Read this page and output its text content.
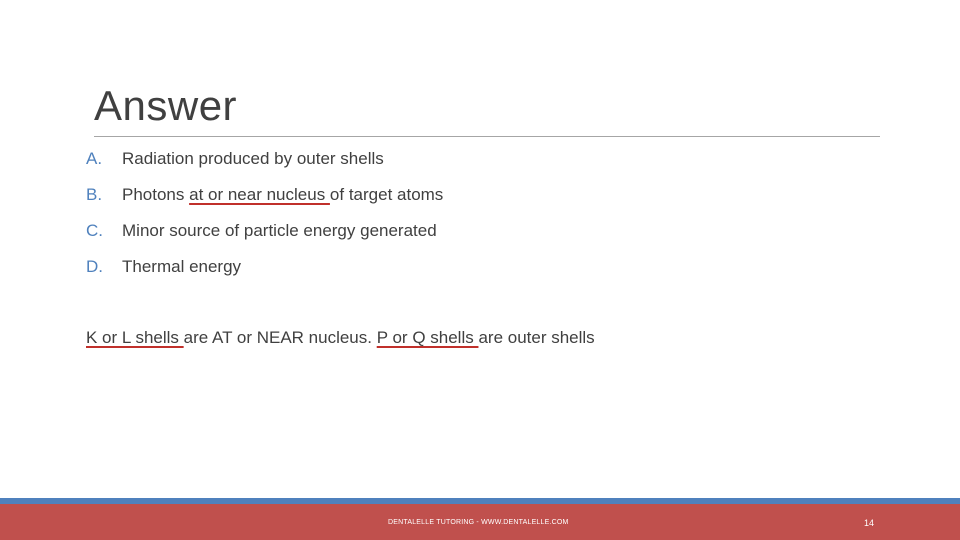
Answer
A. Radiation produced by outer shells
B. Photons at or near nucleus of target atoms
C. Minor source of particle energy generated
D. Thermal energy
K or L shells are AT or NEAR nucleus. P or Q shells are outer shells
DENTALELLE TUTORING - WWW.DENTALELLE.COM	14
